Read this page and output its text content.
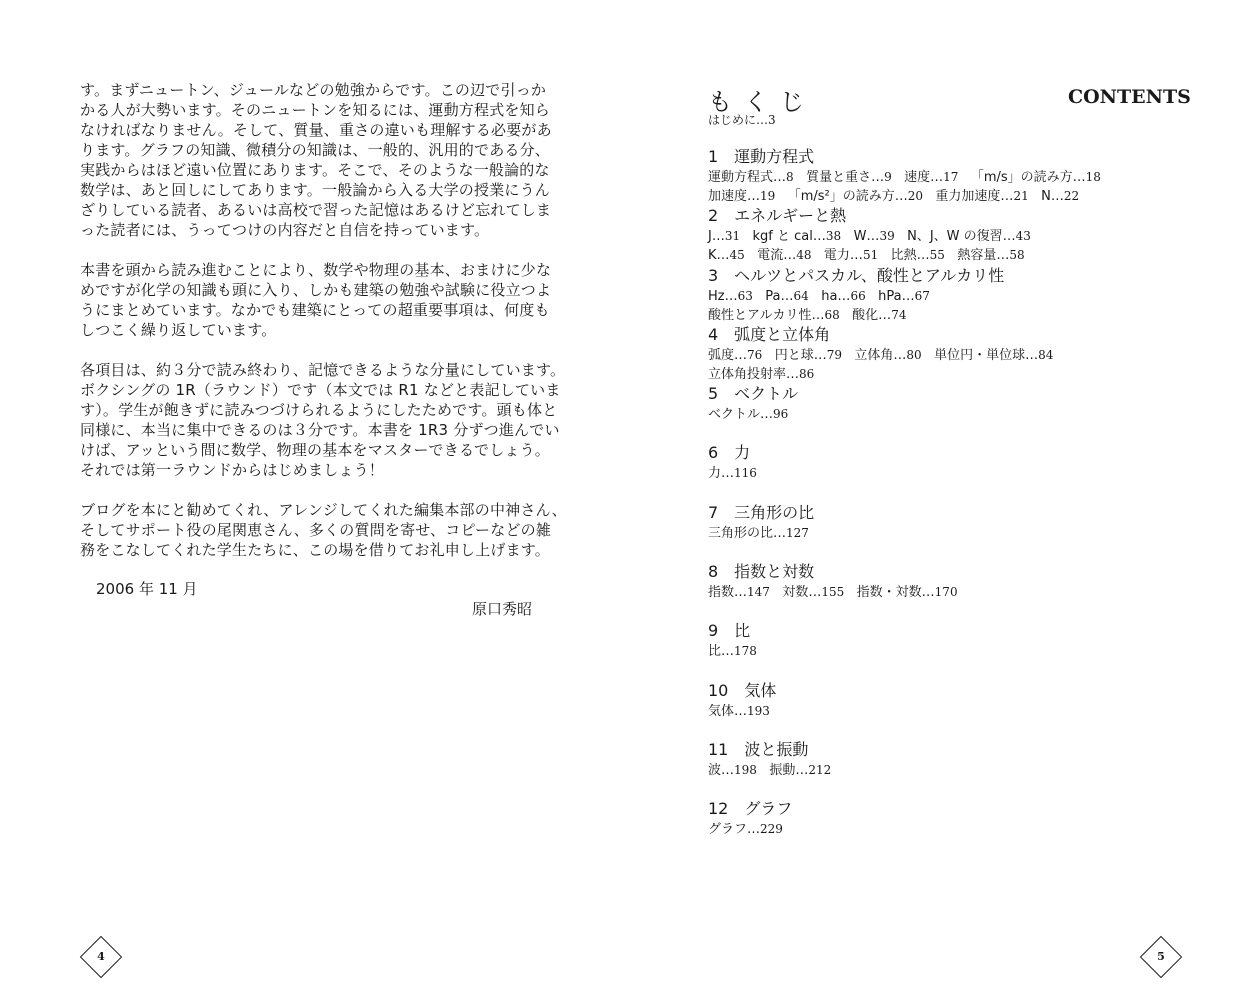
す。まずニュートン、ジュールなどの勉強からです。この辺で引っか

かる人が大勢います。そのニュートンを知るには、運動方程式を知ら

なければなりません。そして、質量、重さの違いも理解する必要があ

ります。グラフの知識、微積分の知識は、一般的、汎用的である分、

実践からはほど遠い位置にあります。そこで、そのような一般論的な

数学は、あと回しにしてあります。一般論から入る大学の授業にうん

ざりしている読者、あるいは高校で習った記憶はあるけど忘れてしま

った読者には、うってつけの内容だと自信を持っています。

本書を頭から読み進むことにより、数学や物理の基本、おまけに少な

めですが化学の知識も頭に入り、しかも建築の勉強や試験に役立つよ

うにまとめています。なかでも建築にとっての超重要事項は、何度も

しつこく繰り返しています。

各項目は、約３分で読み終わり、記憶できるような分量にしています。

ボクシングの 1R（ラウンド）です（本文では R1 などと表記していま

す）。学生が飽きずに読みつづけられるようにしたためです。頭も体と

同様に、本当に集中できるのは３分です。本書を 1R3 分ずつ進んでい

けば、アッという間に数学、物理の基本をマスターできるでしょう。

それでは第一ラウンドからはじめましょう！

ブログを本にと勧めてくれ、アレンジしてくれた編集本部の中神さん、

そしてサポート役の尾関恵さん、多くの質問を寄せ、コピーなどの雑

務をこなしてくれた学生たちに、この場を借りてお礼申し上げます。

2006 年 11 月
原口秀昭
4
もくじ	CONTENTS
はじめに…3
1　運動方程式
運動方程式…8 質量と重さ…9 速度…17 「m/s」の読み方…18
加速度…19 「m/s²」の読み方…20 重力加速度…21 N…22
2　エネルギーと熱
J…31 kgf と cal…38 W…39 N、J、W の復習…43
K…45 電流…48 電力…51 比熱…55 熱容量…58
3　ヘルツとパスカル、酸性とアルカリ性
Hz…63 Pa…64 ha…66 hPa…67
酸性とアルカリ性…68 酸化…74
4　弧度と立体角
弧度…76 円と球…79 立体角…80 単位円・単位球…84
立体角投射率…86
5　ベクトル
ベクトル…96
6　力
力…116
7　三角形の比
三角形の比…127
8　指数と対数
指数…147 対数…155 指数・対数…170
9　比
比…178
10　気体
気体…193
11　波と振動
波…198 振動…212
12　グラフ
グラフ…229
5
